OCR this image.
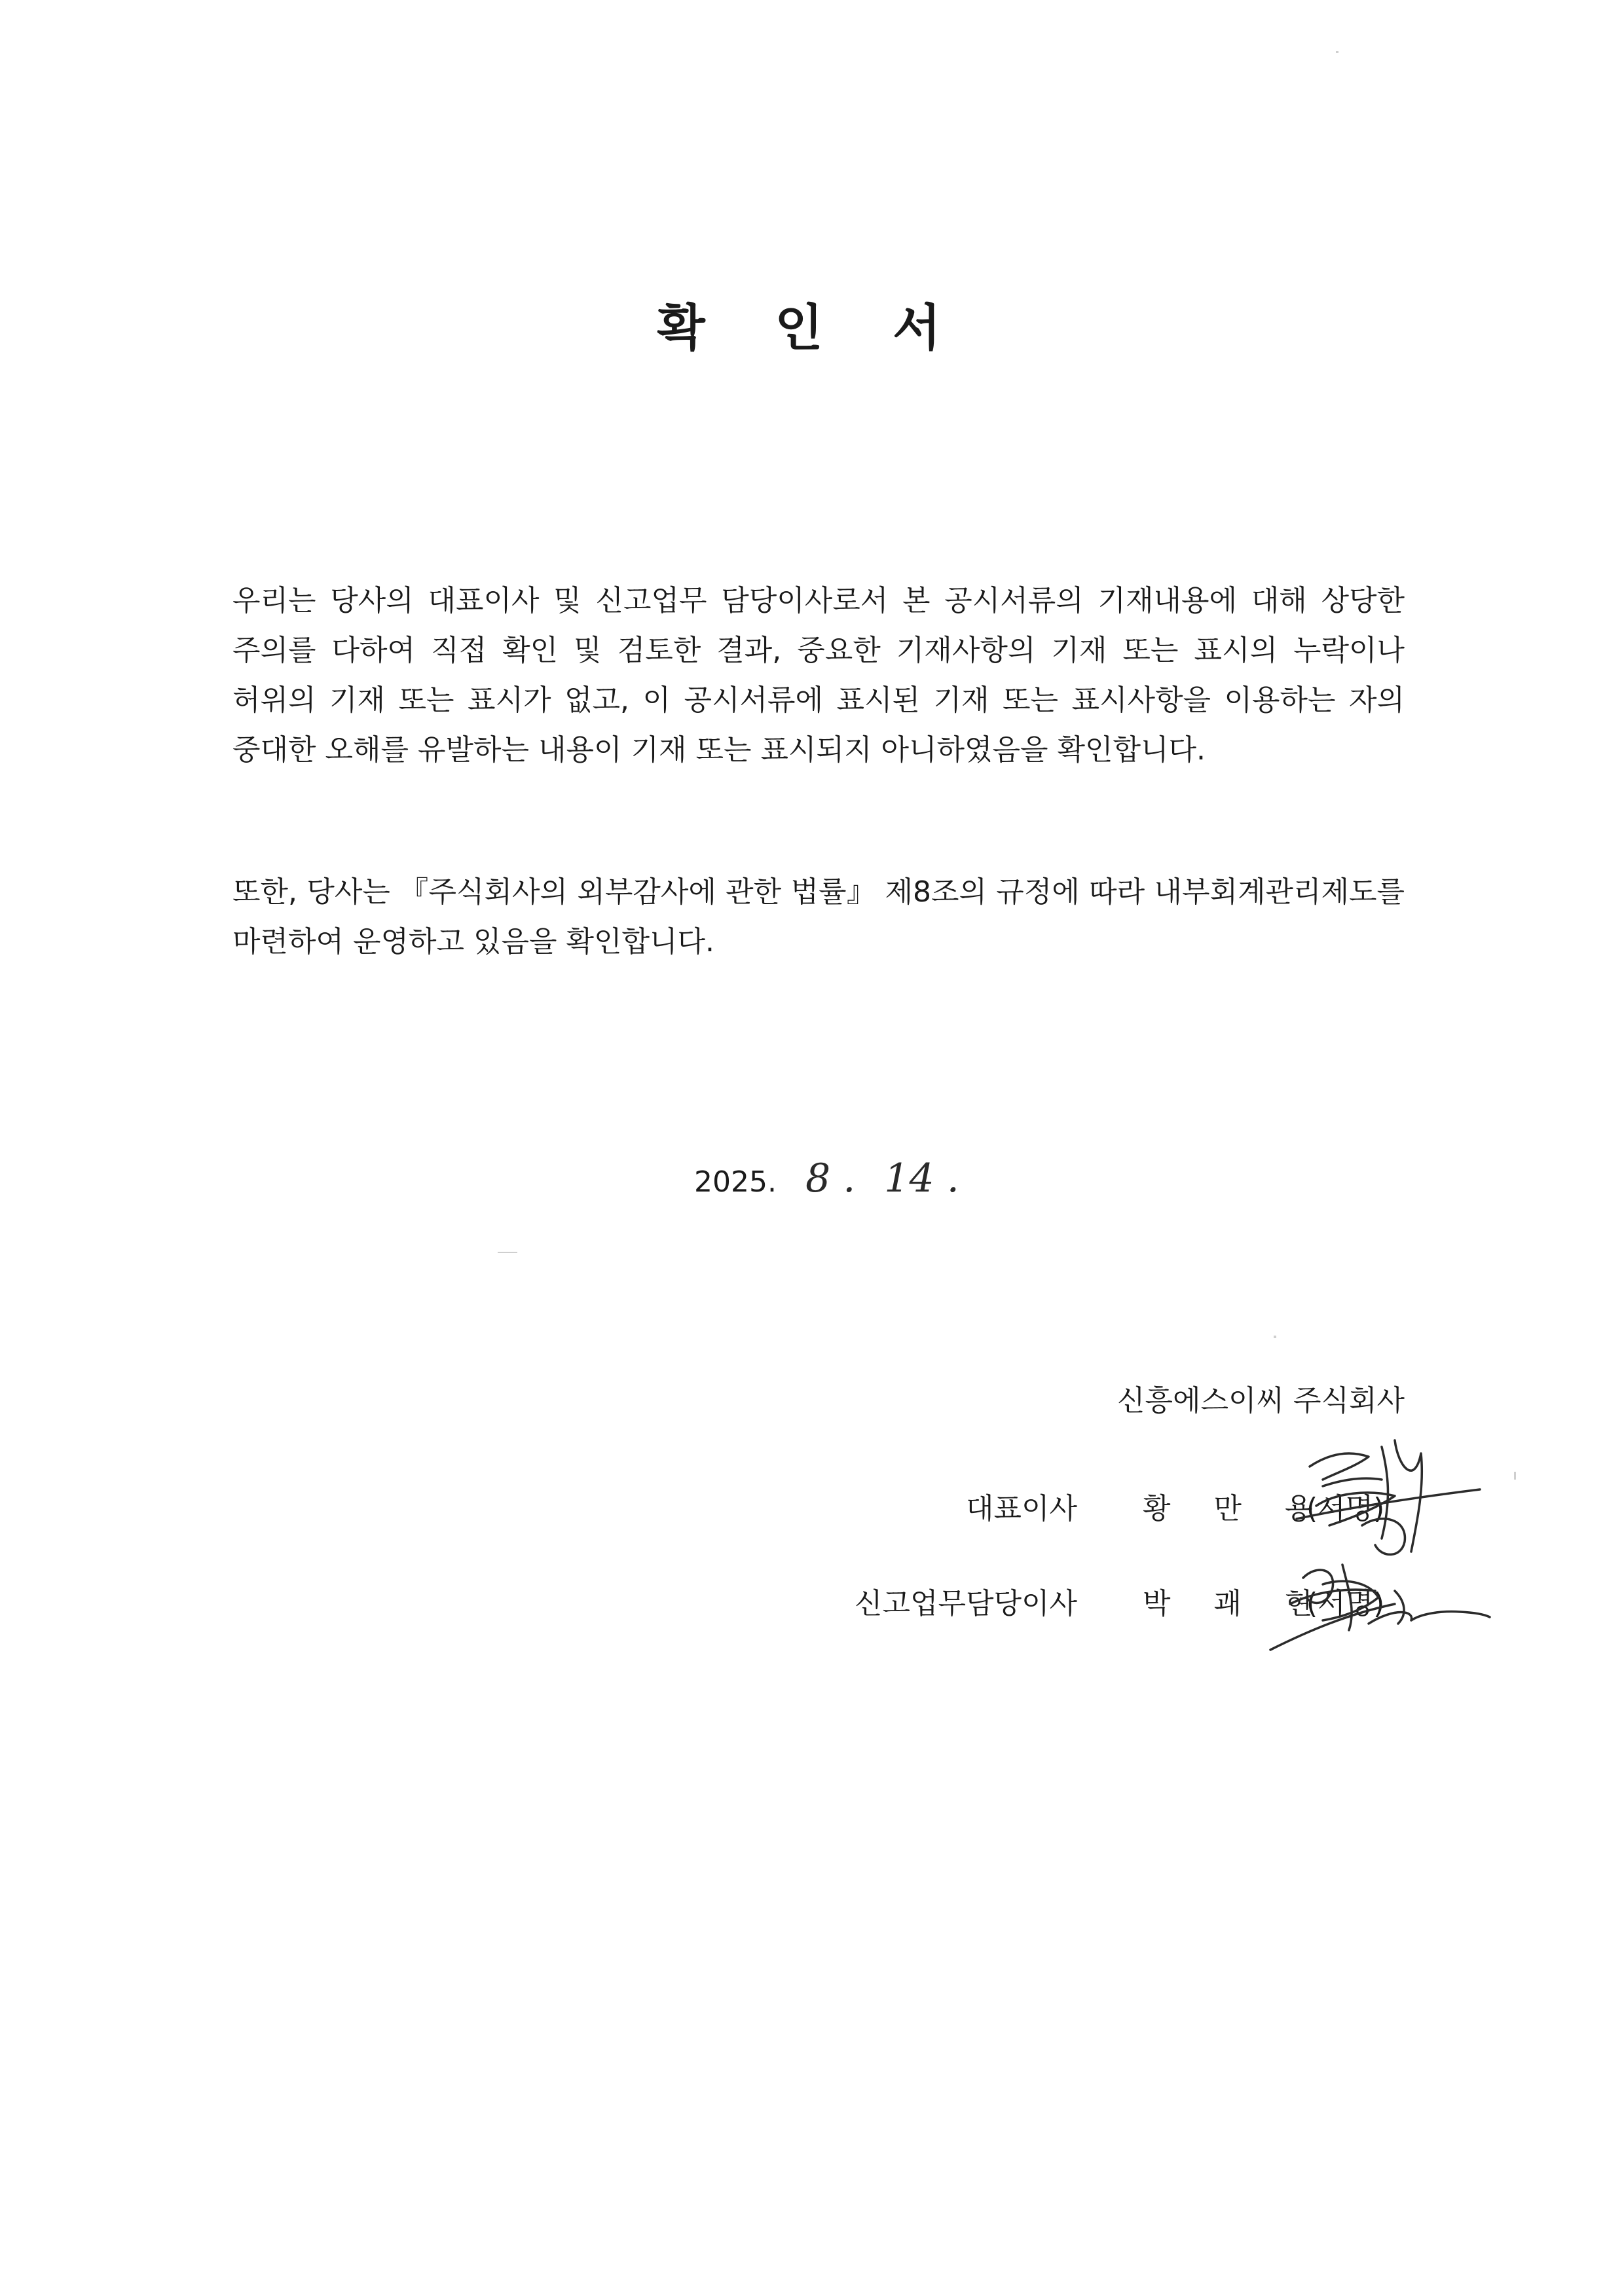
확 인 서

우리는 당사의 대표이사 및 신고업무 담당이사로서 본 공시서류의 기재내용에 대해 상당한 주의를 다하여 직접 확인 및 검토한 결과, 중요한 기재사항의 기재 또는 표시의 누락이나 허위의 기재 또는 표시가 없고, 이 공시서류에 표시된 기재 또는 표시사항을 이용하는 자의 중대한 오해를 유발하는 내용이 기재 또는 표시되지 아니하였음을 확인합니다.

또한, 당사는 『주식회사의 외부감사에 관한 법률』 제8조의 규정에 따라 내부회계관리제도를 마련하여 운영하고 있음을 확인합니다.

2025. 8 . 14 .
신흥에스이씨 주식회사
대표이사 황 만 용
(서명)
신고업무담당이사 박 괘 현
(서명)
